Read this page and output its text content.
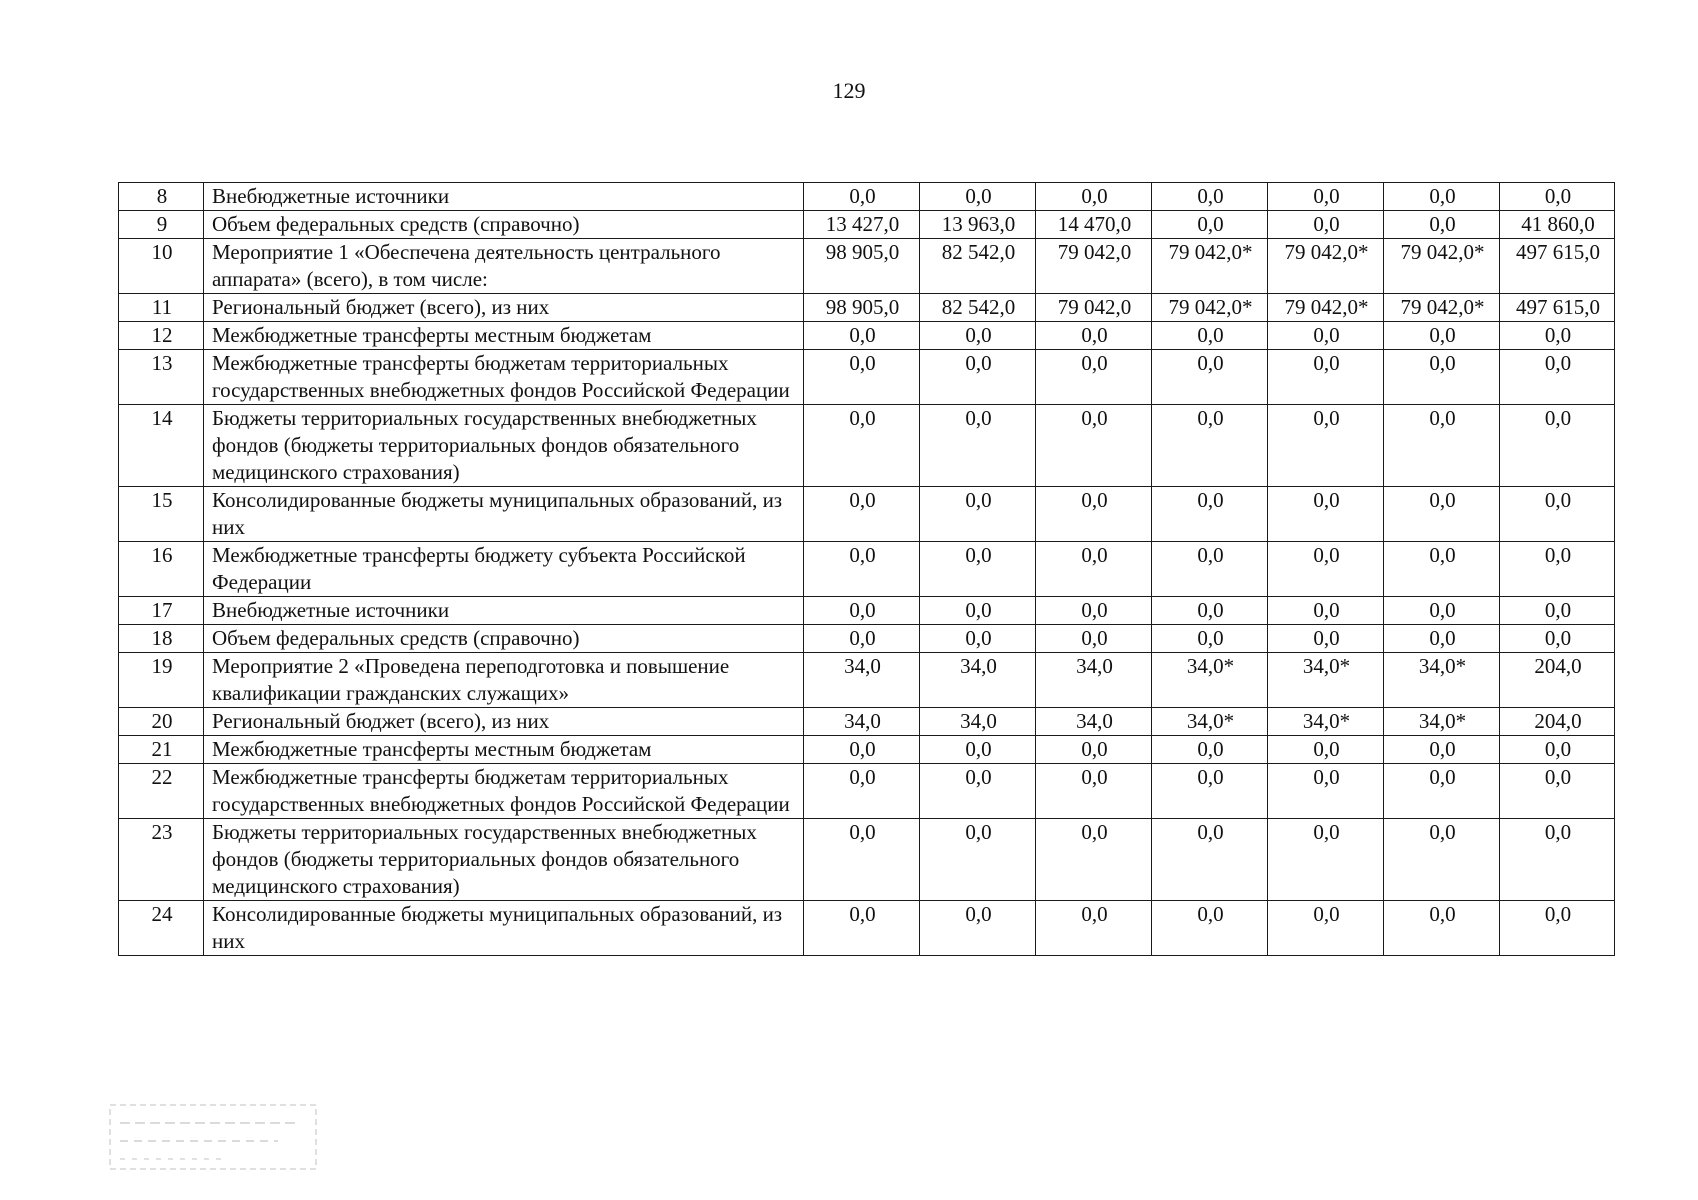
129
8	Внебюджетные источники	0,0	0,0	0,0	0,0	0,0	0,0	0,0
9	Объем федеральных средств (справочно)	13 427,0	13 963,0	14 470,0	0,0	0,0	0,0	41 860,0
10	Мероприятие 1 «Обеспечена деятельность центрального аппарата» (всего), в том числе:	98 905,0	82 542,0	79 042,0	79 042,0*	79 042,0*	79 042,0*	497 615,0
11	Региональный бюджет (всего), из них	98 905,0	82 542,0	79 042,0	79 042,0*	79 042,0*	79 042,0*	497 615,0
12	Межбюджетные трансферты местным бюджетам	0,0	0,0	0,0	0,0	0,0	0,0	0,0
13	Межбюджетные трансферты бюджетам территориальных государственных внебюджетных фондов Российской Федерации	0,0	0,0	0,0	0,0	0,0	0,0	0,0
14	Бюджеты территориальных государственных внебюджетных фондов (бюджеты территориальных фондов обязательного медицинского страхования)	0,0	0,0	0,0	0,0	0,0	0,0	0,0
15	Консолидированные бюджеты муниципальных образований, из них	0,0	0,0	0,0	0,0	0,0	0,0	0,0
16	Межбюджетные трансферты бюджету субъекта Российской Федерации	0,0	0,0	0,0	0,0	0,0	0,0	0,0
17	Внебюджетные источники	0,0	0,0	0,0	0,0	0,0	0,0	0,0
18	Объем федеральных средств (справочно)	0,0	0,0	0,0	0,0	0,0	0,0	0,0
19	Мероприятие 2 «Проведена переподготовка и повышение квалификации гражданских служащих»	34,0	34,0	34,0	34,0*	34,0*	34,0*	204,0
20	Региональный бюджет (всего), из них	34,0	34,0	34,0	34,0*	34,0*	34,0*	204,0
21	Межбюджетные трансферты местным бюджетам	0,0	0,0	0,0	0,0	0,0	0,0	0,0
22	Межбюджетные трансферты бюджетам территориальных государственных внебюджетных фондов Российской Федерации	0,0	0,0	0,0	0,0	0,0	0,0	0,0
23	Бюджеты территориальных государственных внебюджетных фондов (бюджеты территориальных фондов обязательного медицинского страхования)	0,0	0,0	0,0	0,0	0,0	0,0	0,0
24	Консолидированные бюджеты муниципальных образований, из них	0,0	0,0	0,0	0,0	0,0	0,0	0,0
